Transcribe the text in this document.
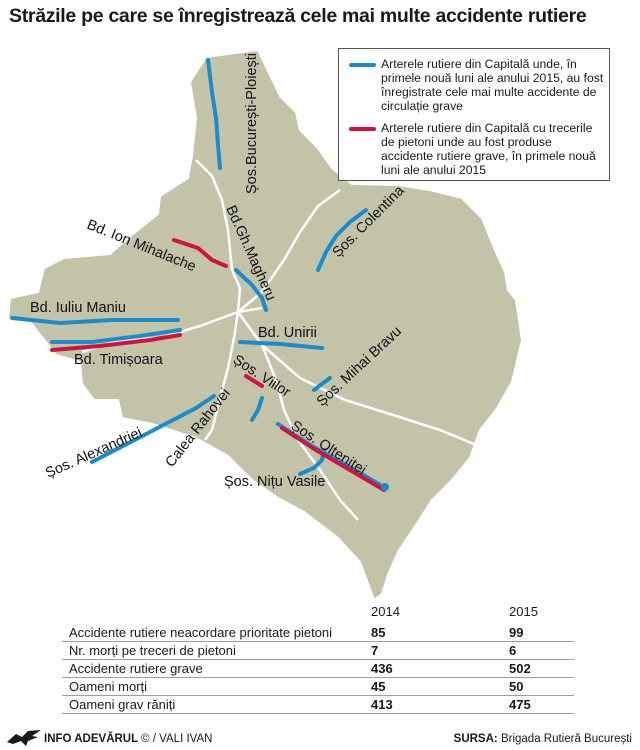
Străzile pe care se înregistrează cele mai multe accidente rutiere
Șos.București-Ploiești
Șos. Colentina
Bd. Ion Mihalache Bd.Gh.Magheru
Bd. Iuliu Maniu
Bd. Timișoara
Bd. Unirii
Șos. Mihai Bravu
Șos. Viilor
Calea Rahovei
Șos. Alexandriei	Șos. Oltenitei
Șos. Nițu Vasile
Arterele rutiere din Capitală unde, în primele nouă luni ale anului 2015, au fost înregistrate cele mai multe accidente de circulație grave
Arterele rutiere din Capitală cu trecerile de pietoni unde au fost produse accidente rutiere grave, în primele nouă luni ale anului 2015
2014	2015
Accidente rutiere neacordare prioritate pietoni	85	99
Nr. morți pe treceri de pietoni	7	6
Accidente rutiere grave	436	502
Oameni morți	45	50
Oameni grav răniți	413	475
INFO ADEVĂRUL © / VALI IVAN	SURSA: Brigada Rutieră București
